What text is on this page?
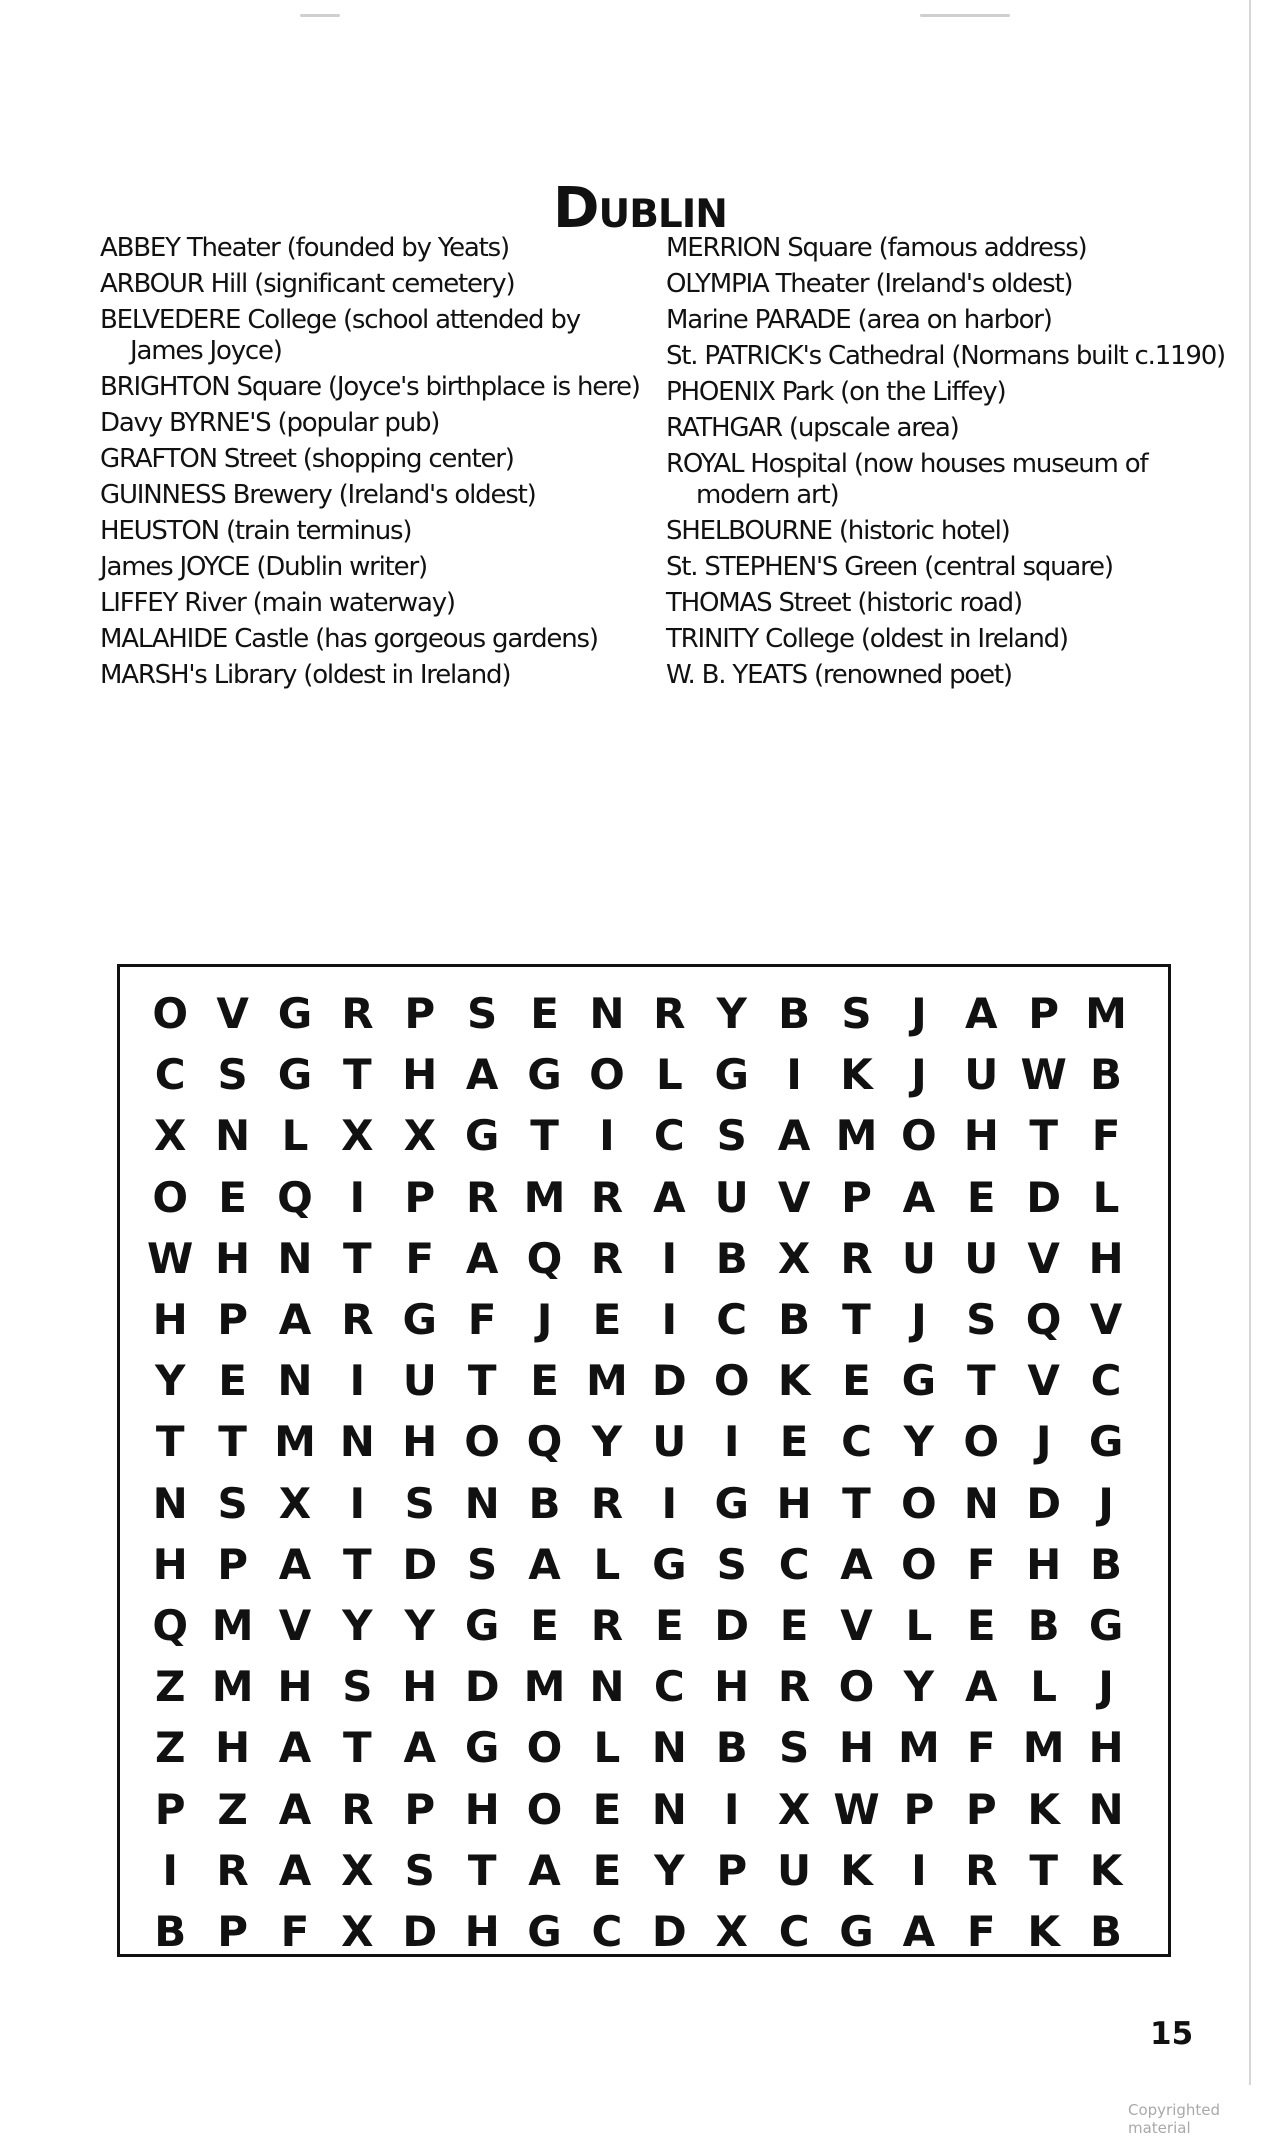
Dublin
ABBEY Theater (founded by Yeats)
ARBOUR Hill (significant cemetery)
BELVEDERE College (school attended by James Joyce)
BRIGHTON Square (Joyce's birthplace is here)
Davy BYRNE'S (popular pub)
GRAFTON Street (shopping center)
GUINNESS Brewery (Ireland's oldest)
HEUSTON (train terminus)
James JOYCE (Dublin writer)
LIFFEY River (main waterway)
MALAHIDE Castle (has gorgeous gardens)
MARSH's Library (oldest in Ireland)
MERRION Square (famous address)
OLYMPIA Theater (Ireland's oldest)
Marine PARADE (area on harbor)
St. PATRICK's Cathedral (Normans built c.1190)
PHOENIX Park (on the Liffey)
RATHGAR (upscale area)
ROYAL Hospital (now houses museum of modern art)
SHELBOURNE (historic hotel)
St. STEPHEN'S Green (central square)
THOMAS Street (historic road)
TRINITY College (oldest in Ireland)
W. B. YEATS (renowned poet)
O V G R P S E N R Y B S J A P M
C S G T H A G O L G I K J U W B
X N L X X G T I C S A M O H T F
O E Q I P R M R A U V P A E D L
W H N T F A Q R I B X R U U V H
H P A R G F J E I C B T J S Q V
Y E N I U T E M D O K E G T V C
T T M N H O Q Y U I E C Y O J G
N S X I S N B R I G H T O N D J
H P A T D S A L G S C A O F H B
Q M V Y Y G E R E D E V L E B G
Z M H S H D M N C H R O Y A L J
Z H A T A G O L N B S H M F M H
P Z A R P H O E N I X W P P K N
I R A X S T A E Y P U K I R T K
B P F X D H G C D X C G A F K B
15
Copyrighted material
